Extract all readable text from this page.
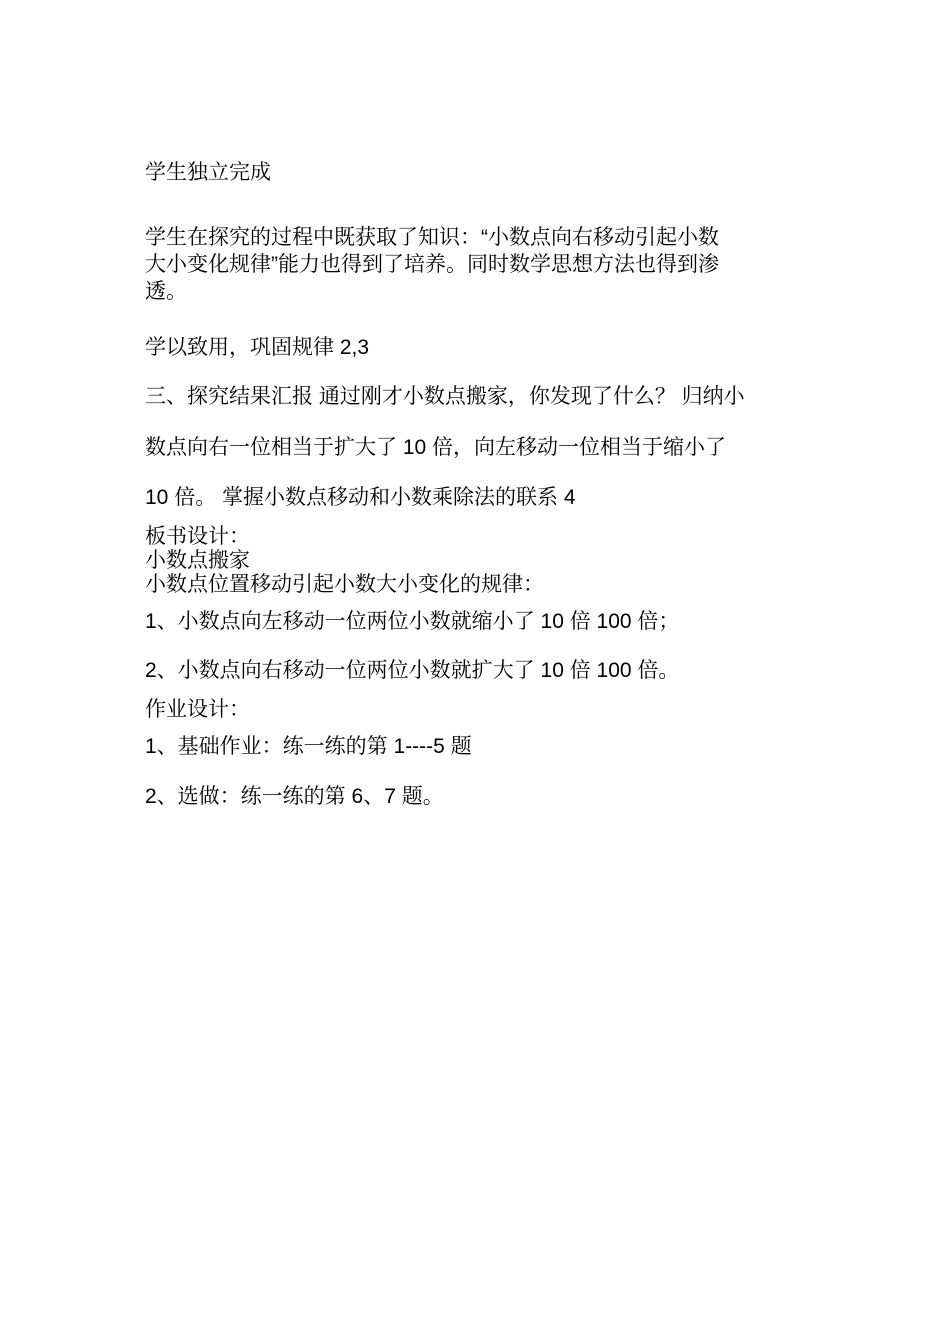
学生独立完成
学生在探究的过程中既获取了知识：“小数点向右移动引起小数
大小变化规律”能力也得到了培养。同时数学思想方法也得到渗
透。
学以致用，巩固规律 2,3
三、探究结果汇报 通过刚才小数点搬家，你发现了什么？ 归纳小
数点向右一位相当于扩大了 10 倍，向左移动一位相当于缩小了
10 倍。 掌握小数点移动和小数乘除法的联系 4
板书设计：
小数点搬家
小数点位置移动引起小数大小变化的规律：
1、小数点向左移动一位两位小数就缩小了 10 倍 100 倍；
2、小数点向右移动一位两位小数就扩大了 10 倍 100 倍。
作业设计：
1、基础作业：练一练的第 1----5 题
2、选做：练一练的第 6、7 题。
